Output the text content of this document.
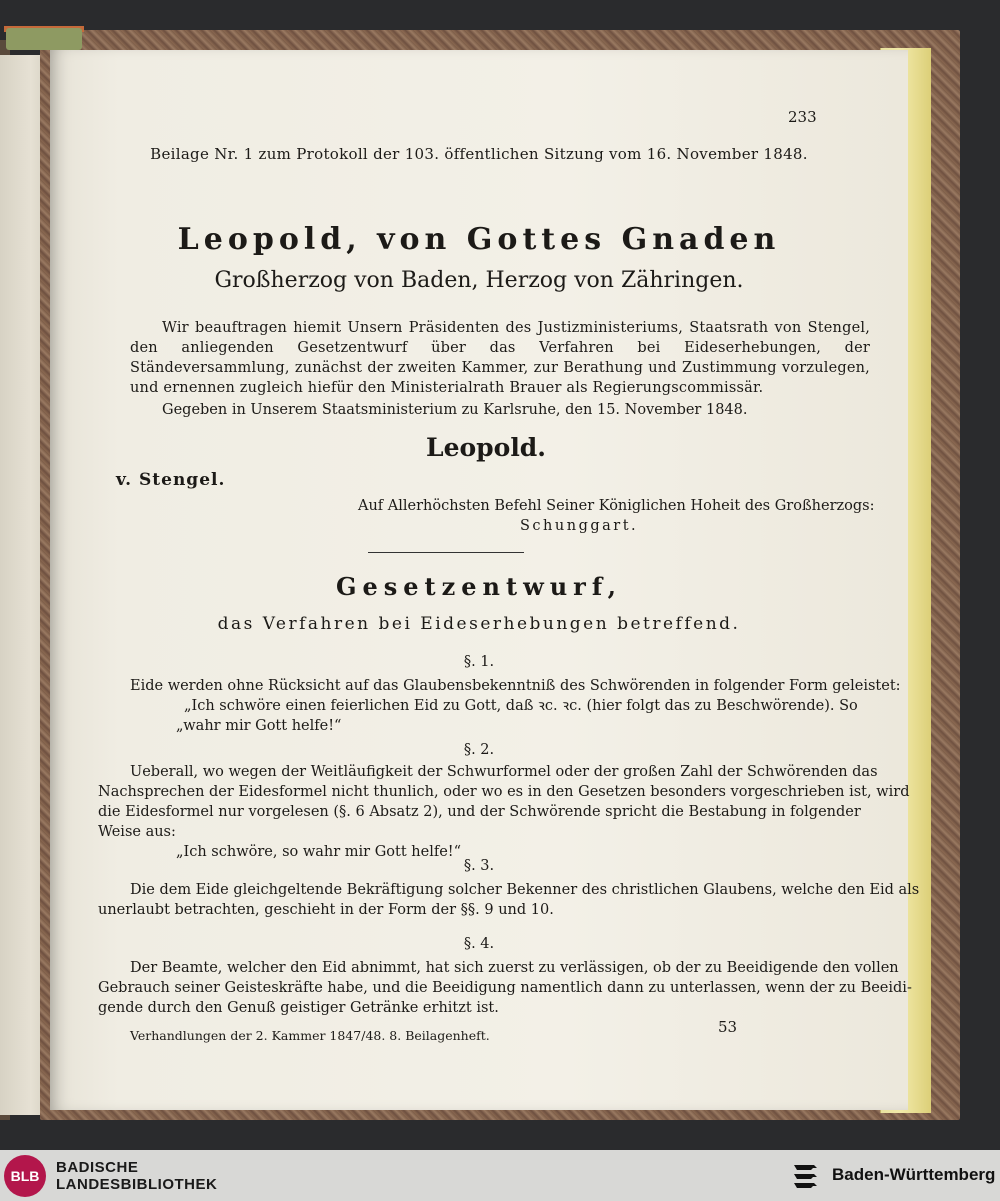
233
Beilage Nr. 1 zum Protokoll der 103. öffentlichen Sitzung vom 16. November 1848.
Leopold, von Gottes Gnaden
Großherzog von Baden, Herzog von Zähringen.
Wir beauftragen hiemit Unsern Präsidenten des Justizministeriums, Staatsrath von Stengel, den anliegenden Gesetzentwurf über das Verfahren bei Eideserhebungen, der Ständeversammlung, zunächst der zweiten Kammer, zur Berathung und Zustimmung vorzulegen, und ernennen zugleich hiefür den Ministerialrath Brauer als Regierungscommissär.
Gegeben in Unserem Staatsministerium zu Karlsruhe, den 15. November 1848.
Leopold.
v. Stengel.
Auf Allerhöchsten Befehl Seiner Königlichen Hoheit des Großherzogs:
Schunggart.
Gesetzentwurf,
das Verfahren bei Eideserhebungen betreffend.
§. 1.
Eide werden ohne Rücksicht auf das Glaubensbekenntniß des Schwörenden in folgender Form geleistet:
„Ich schwöre einen feierlichen Eid zu Gott, daß ꝛc. ꝛc. (hier folgt das zu Beschwörende). So
„wahr mir Gott helfe!“
§. 2.
Ueberall, wo wegen der Weitläufigkeit der Schwurformel oder der großen Zahl der Schwörenden das
Nachsprechen der Eidesformel nicht thunlich, oder wo es in den Gesetzen besonders vorgeschrieben ist, wird
die Eidesformel nur vorgelesen (§. 6 Absatz 2), und der Schwörende spricht die Bestabung in folgender
Weise aus:
„Ich schwöre, so wahr mir Gott helfe!“
§. 3.
Die dem Eide gleichgeltende Bekräftigung solcher Bekenner des christlichen Glaubens, welche den Eid als
unerlaubt betrachten, geschieht in der Form der §§. 9 und 10.
§. 4.
Der Beamte, welcher den Eid abnimmt, hat sich zuerst zu verlässigen, ob der zu Beeidigende den vollen
Gebrauch seiner Geisteskräfte habe, und die Beeidigung namentlich dann zu unterlassen, wenn der zu Beeidi-
gende durch den Genuß geistiger Getränke erhitzt ist.
Verhandlungen der 2. Kammer 1847/48. 8. Beilagenheft.	53
BLB	BADISCHE
LANDESBIBLIOTHEK
Baden-Württemberg
